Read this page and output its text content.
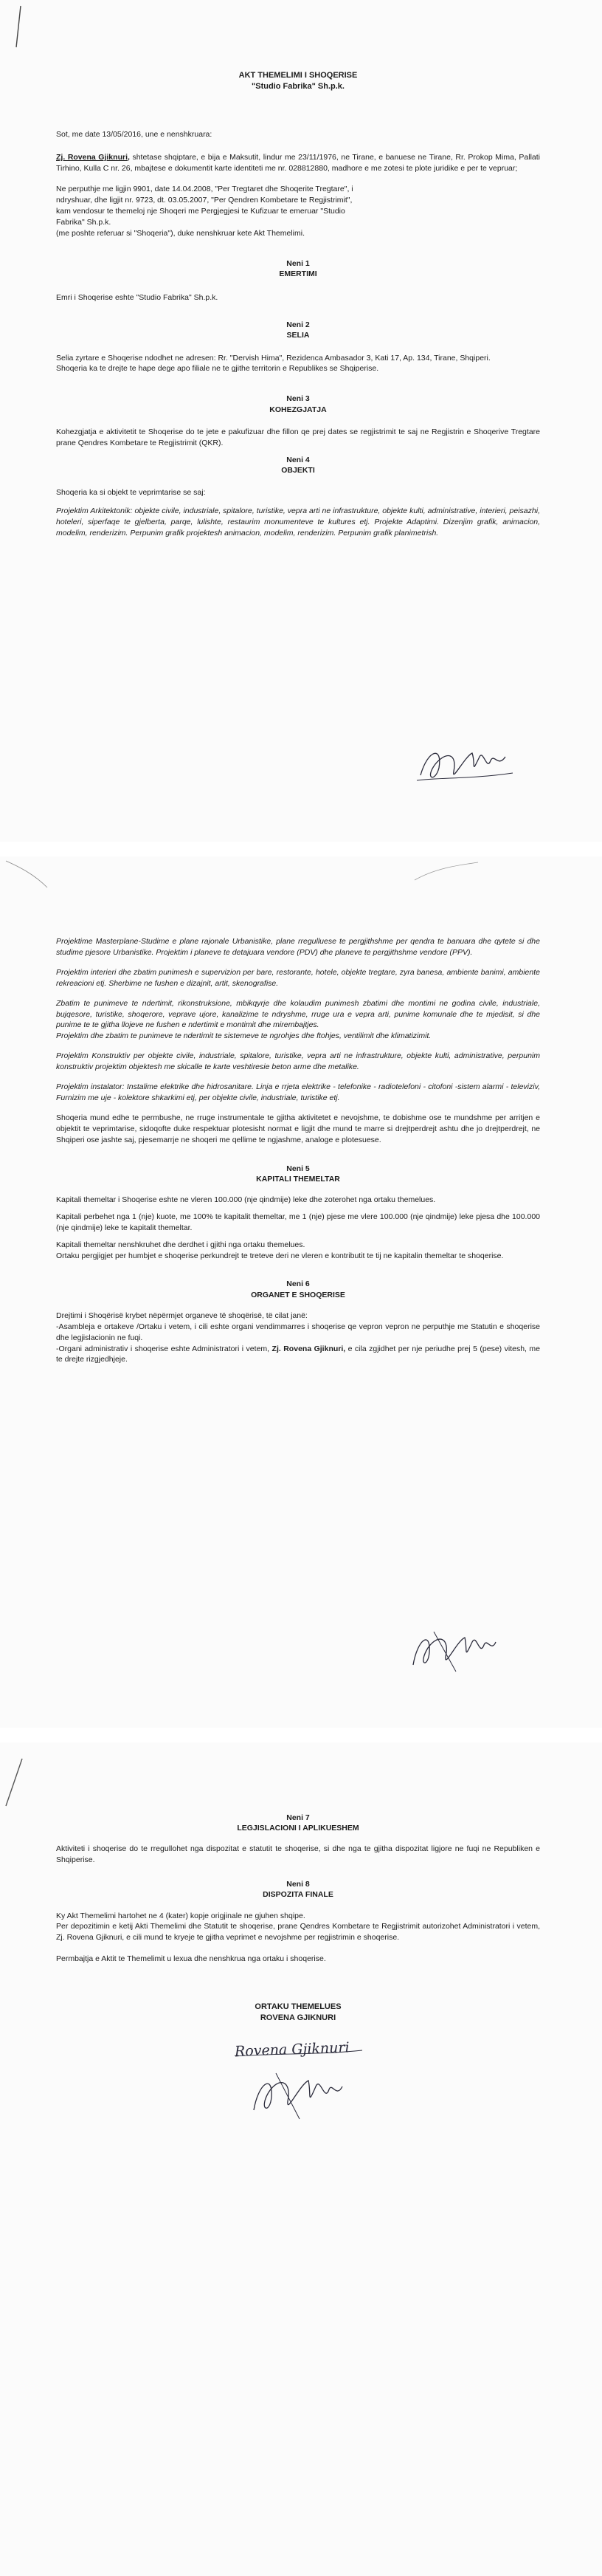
AKT THEMELIMI I SHOQERISE
"Studio Fabrika" Sh.p.k.

Sot, me date 13/05/2016, une e nenshkruara:

Zj. Rovena Gjiknuri, shtetase shqiptare, e bija e Maksutit, lindur me 23/11/1976, ne Tirane, e banuese ne Tirane, Rr. Prokop Mima, Pallati Tirhino, Kulla C nr. 26, mbajtese e dokumentit karte identiteti me nr. 028812880, madhore e me zotesi te plote juridike e per te vepruar;

Ne perputhje me ligjin 9901, date 14.04.2008, "Per Tregtaret dhe Shoqerite Tregtare", i
ndryshuar, dhe ligjit nr. 9723, dt. 03.05.2007, "Per Qendren Kombetare te Regjistrimit",
kam vendosur te themeloj nje Shoqeri me Pergjegjesi te Kufizuar te emeruar "Studio
Fabrika" Sh.p.k.
(me poshte referuar si "Shoqeria"), duke nenshkruar kete Akt Themelimi.

Neni 1
EMERTIMI

Emri i Shoqerise eshte "Studio Fabrika" Sh.p.k.

Neni 2
SELIA

Selia zyrtare e Shoqerise ndodhet ne adresen: Rr. "Dervish Hima", Rezidenca Ambasador 3, Kati 17, Ap. 134, Tirane, Shqiperi.

Shoqeria ka te drejte te hape dege apo filiale ne te gjithe territorin e Republikes se Shqiperise.

Neni 3
KOHEZGJATJA

Kohezgjatja e aktivitetit te Shoqerise do te jete e pakufizuar dhe fillon qe prej dates se regjistrimit te saj ne Regjistrin e Shoqerive Tregtare prane Qendres Kombetare te Regjistrimit (QKR).

Neni 4
OBJEKTI

Shoqeria ka si objekt te veprimtarise se saj:

Projektim Arkitektonik: objekte civile, industriale, spitalore, turistike, vepra arti ne infrastrukture, objekte kulti, administrative, interieri, peisazhi, hoteleri, siperfaqe te gjelberta, parqe, lulishte, restaurim monumenteve te kultures etj. Projekte Adaptimi. Dizenjim grafik, animacion, modelim, renderizim. Perpunim grafik projektesh animacion, modelim, renderizim. Perpunim grafik planimetrish.

Projektime Masterplane-Studime e plane rajonale Urbanistike, plane rregulluese te pergjithshme per qendra te banuara dhe qytete si dhe studime pjesore Urbanistike. Projektim i planeve te detajuara vendore (PDV) dhe planeve te pergjithshme vendore (PPV).

Projektim interieri dhe zbatim punimesh e supervizion per bare, restorante, hotele, objekte tregtare, zyra banesa, ambiente banimi, ambiente rekreacioni etj. Sherbime ne fushen e dizajnit, artit, skenografise.

Zbatim te punimeve te ndertimit, rikonstruksione, mbikqyrje dhe kolaudim punimesh zbatimi dhe montimi ne godina civile, industriale, bujqesore, turistike, shoqerore, veprave ujore, kanalizime te ndryshme, rruge ura e vepra arti, punime komunale dhe te mjedisit, si dhe punime te te gjitha llojeve ne fushen e ndertimit e montimit dhe mirembajtjes.

Projektim dhe zbatim te punimeve te ndertimit te sistemeve te ngrohjes dhe ftohjes, ventilimit dhe klimatizimit.

Projektim Konstruktiv per objekte civile, industriale, spitalore, turistike, vepra arti ne infrastrukture, objekte kulti, administrative, perpunim konstruktiv projektim objektesh me skicalle te karte veshtiresie beton arme dhe metalike.

Projektim instalator: Instalime elektrike dhe hidrosanitare. Linja e rrjeta elektrike - telefonike - radiotelefoni - citofoni -sistem alarmi - televiziv, Furnizim me uje - kolektore shkarkimi etj, per objekte civile, industriale, turistike etj.

Shoqeria mund edhe te permbushe, ne rruge instrumentale te gjitha aktivitetet e nevojshme, te dobishme ose te mundshme per arritjen e objektit te veprimtarise, sidoqofte duke respektuar plotesisht normat e ligjit dhe mund te marre si drejtperdrejt ashtu dhe jo drejtperdrejt, ne Shqiperi ose jashte saj, pjesemarrje ne shoqeri me qellime te ngjashme, analoge e plotesuese.

Neni 5
KAPITALI THEMELTAR

Kapitali themeltar i Shoqerise eshte ne vleren 100.000 (nje qindmije) leke dhe zoterohet nga ortaku themelues.

Kapitali perbehet nga 1 (nje) kuote, me 100% te kapitalit themeltar, me 1 (nje) pjese me vlere 100.000 (nje qindmije) leke pjesa dhe 100.000 (nje qindmije) leke te kapitalit themeltar.

Kapitali themeltar nenshkruhet dhe derdhet i gjithi nga ortaku themelues.

Ortaku pergjigjet per humbjet e shoqerise perkundrejt te treteve deri ne vleren e kontributit te tij ne kapitalin themeltar te shoqerise.

Neni 6
ORGANET E SHOQERISE

Drejtimi i Shoqërisë krybet nëpërmjet organeve të shoqërisë, të cilat janë:

-Asambleja e ortakeve /Ortaku i vetem, i cili eshte organi vendimmarres i shoqerise qe vepron vepron ne perputhje me Statutin e shoqerise dhe legjislacionin ne fuqi.

-Organi administrativ i shoqerise eshte Administratori i vetem, Zj. Rovena Gjiknuri, e cila zgjidhet per nje periudhe prej 5 (pese) vitesh, me te drejte rizgjedhjeje.

Neni 7
LEGJISLACIONI I APLIKUESHEM

Aktiviteti i shoqerise do te rregullohet nga dispozitat e statutit te shoqerise, si dhe nga te gjitha dispozitat ligjore ne fuqi ne Republiken e Shqiperise.

Neni 8
DISPOZITA FINALE

Ky Akt Themelimi hartohet ne 4 (kater) kopje origjinale ne gjuhen shqipe.

Per depozitimin e ketij Akti Themelimi dhe Statutit te shoqerise, prane Qendres Kombetare te Regjistrimit autorizohet Administratori i vetem, Zj. Rovena Gjiknuri, e cili mund te kryeje te gjitha veprimet e nevojshme per regjistrimin e shoqerise.

Permbajtja e Aktit te Themelimit u lexua dhe nenshkrua nga ortaku i shoqerise.

ORTAKU THEMELUES
ROVENA GJIKNURI
Rovena Gjiknuri
